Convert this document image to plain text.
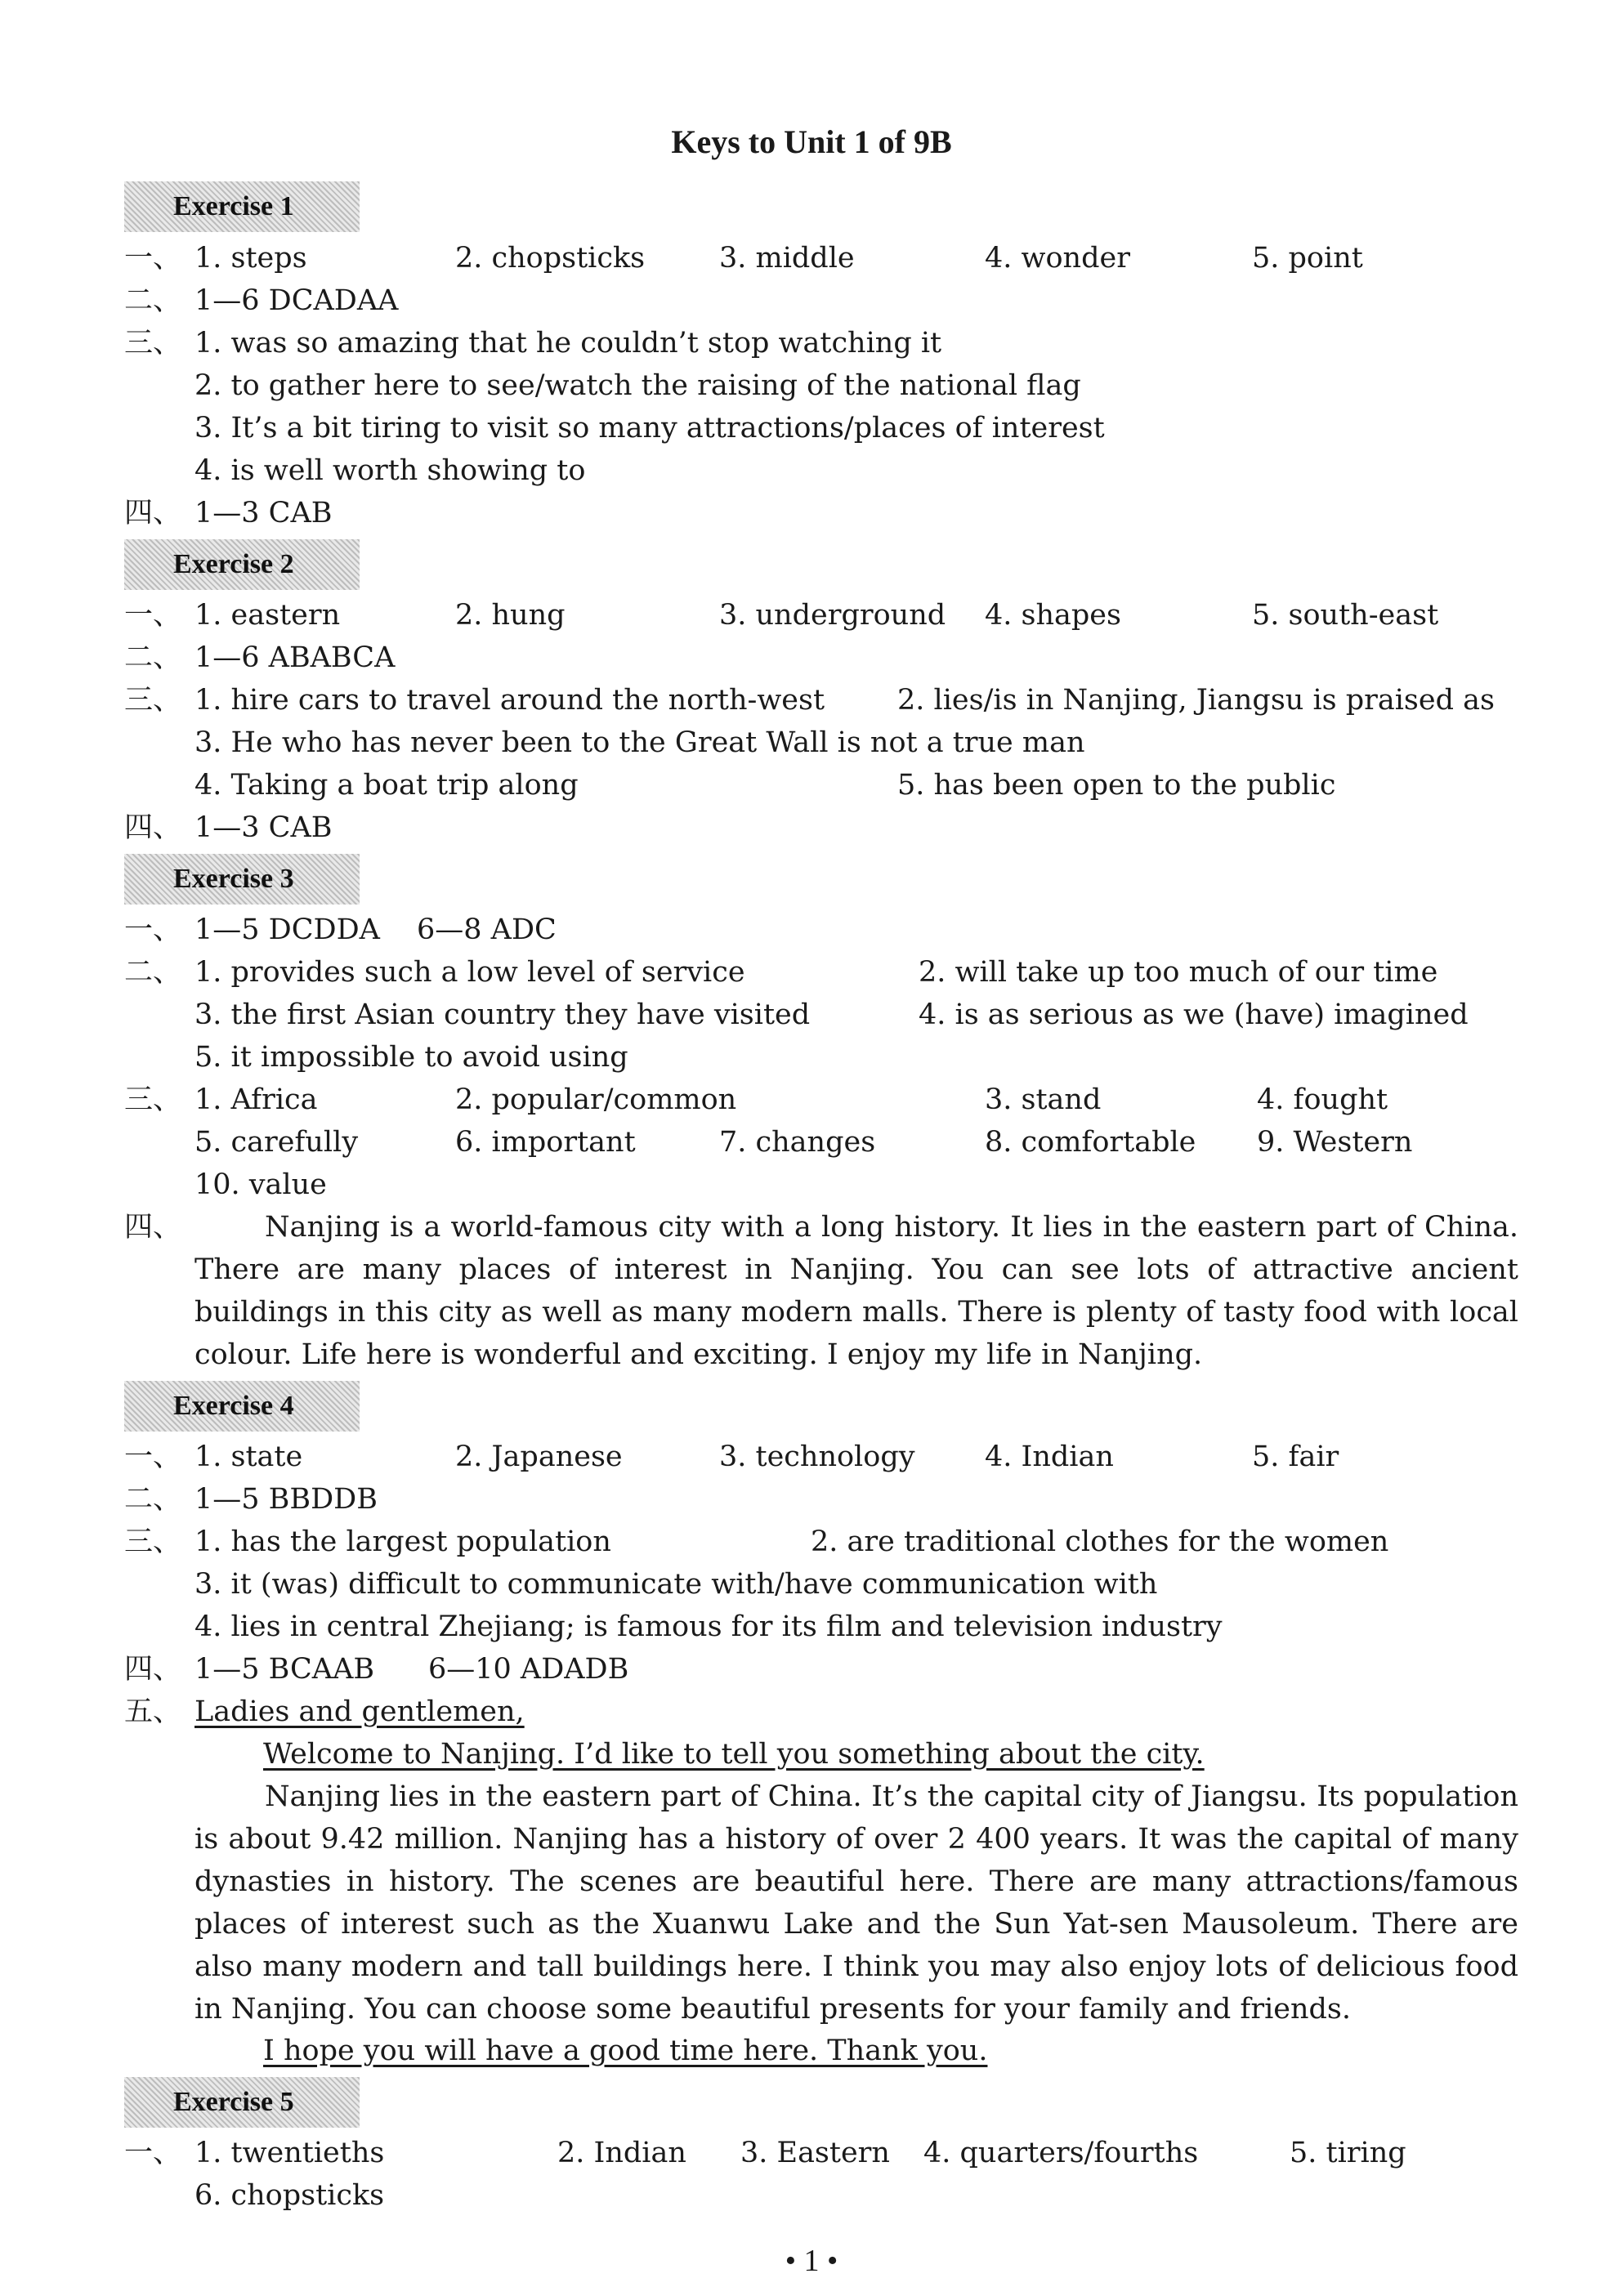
Keys to Unit 1 of 9B
Exercise 1
一、 1. steps	2. chopsticks	3. middle	4. wonder	5. point
二、 1—6 DCADAA
三、 1. was so amazing that he couldn’t stop watching it
2. to gather here to see/watch the raising of the national flag
3. It’s a bit tiring to visit so many attractions/places of interest
4. is well worth showing to
四、 1—3 CAB
Exercise 2
一、 1. eastern	2. hung	3. underground 4. shapes	5. south-east
二、 1—6 ABABCA
三、 1. hire cars to travel around the north-west	2. lies/is in Nanjing, Jiangsu is praised as
3. He who has never been to the Great Wall is not a true man
4. Taking a boat trip along	5. has been open to the public
四、 1—3 CAB
Exercise 3
一、 1—5 DCDDA 6—8 ADC
二、 1. provides such a low level of service	2. will take up too much of our time
3. the first Asian country they have visited	4. is as serious as we (have) imagined
5. it impossible to avoid using
三、 1. Africa	2. popular/common	3. stand	4. fought
5. carefully	6. important	7. changes	8. comfortable 9. Western
10. value
四、	Nanjing is a world-famous city with a long history. It lies in the eastern part of China. There are many places of interest in Nanjing. You can see lots of attractive ancient buildings in this city as well as many modern malls. There is plenty of tasty food with local colour. Life here is wonderful and exciting. I enjoy my life in Nanjing.

Exercise 4
一、 1. state	2. Japanese	3. technology 4. Indian	5. fair
二、 1—5 BBDDB
三、 1. has the largest population	2. are traditional clothes for the women
3. it (was) difficult to communicate with/have communication with
4. lies in central Zhejiang; is famous for its film and television industry
四、 1—5 BCAAB 6—10 ADADB
五、 Ladies and gentlemen,
Welcome to Nanjing. I’d like to tell you something about the city.

Nanjing lies in the eastern part of China. It’s the capital city of Jiangsu. Its population is about 9.42 million. Nanjing has a history of over 2 400 years. It was the capital of many dynasties in history. The scenes are beautiful here. There are many attractions/famous places of interest such as the Xuanwu Lake and the Sun Yat-sen Mausoleum. There are also many modern and tall buildings here. I think you may also enjoy lots of delicious food in Nanjing. You can choose some beautiful presents for your family and friends.

I hope you will have a good time here. Thank you.
Exercise 5
一、 1. twentieths	2. Indian 3. Eastern 4. quarters/fourths	5. tiring
6. chopsticks
• 1 •
